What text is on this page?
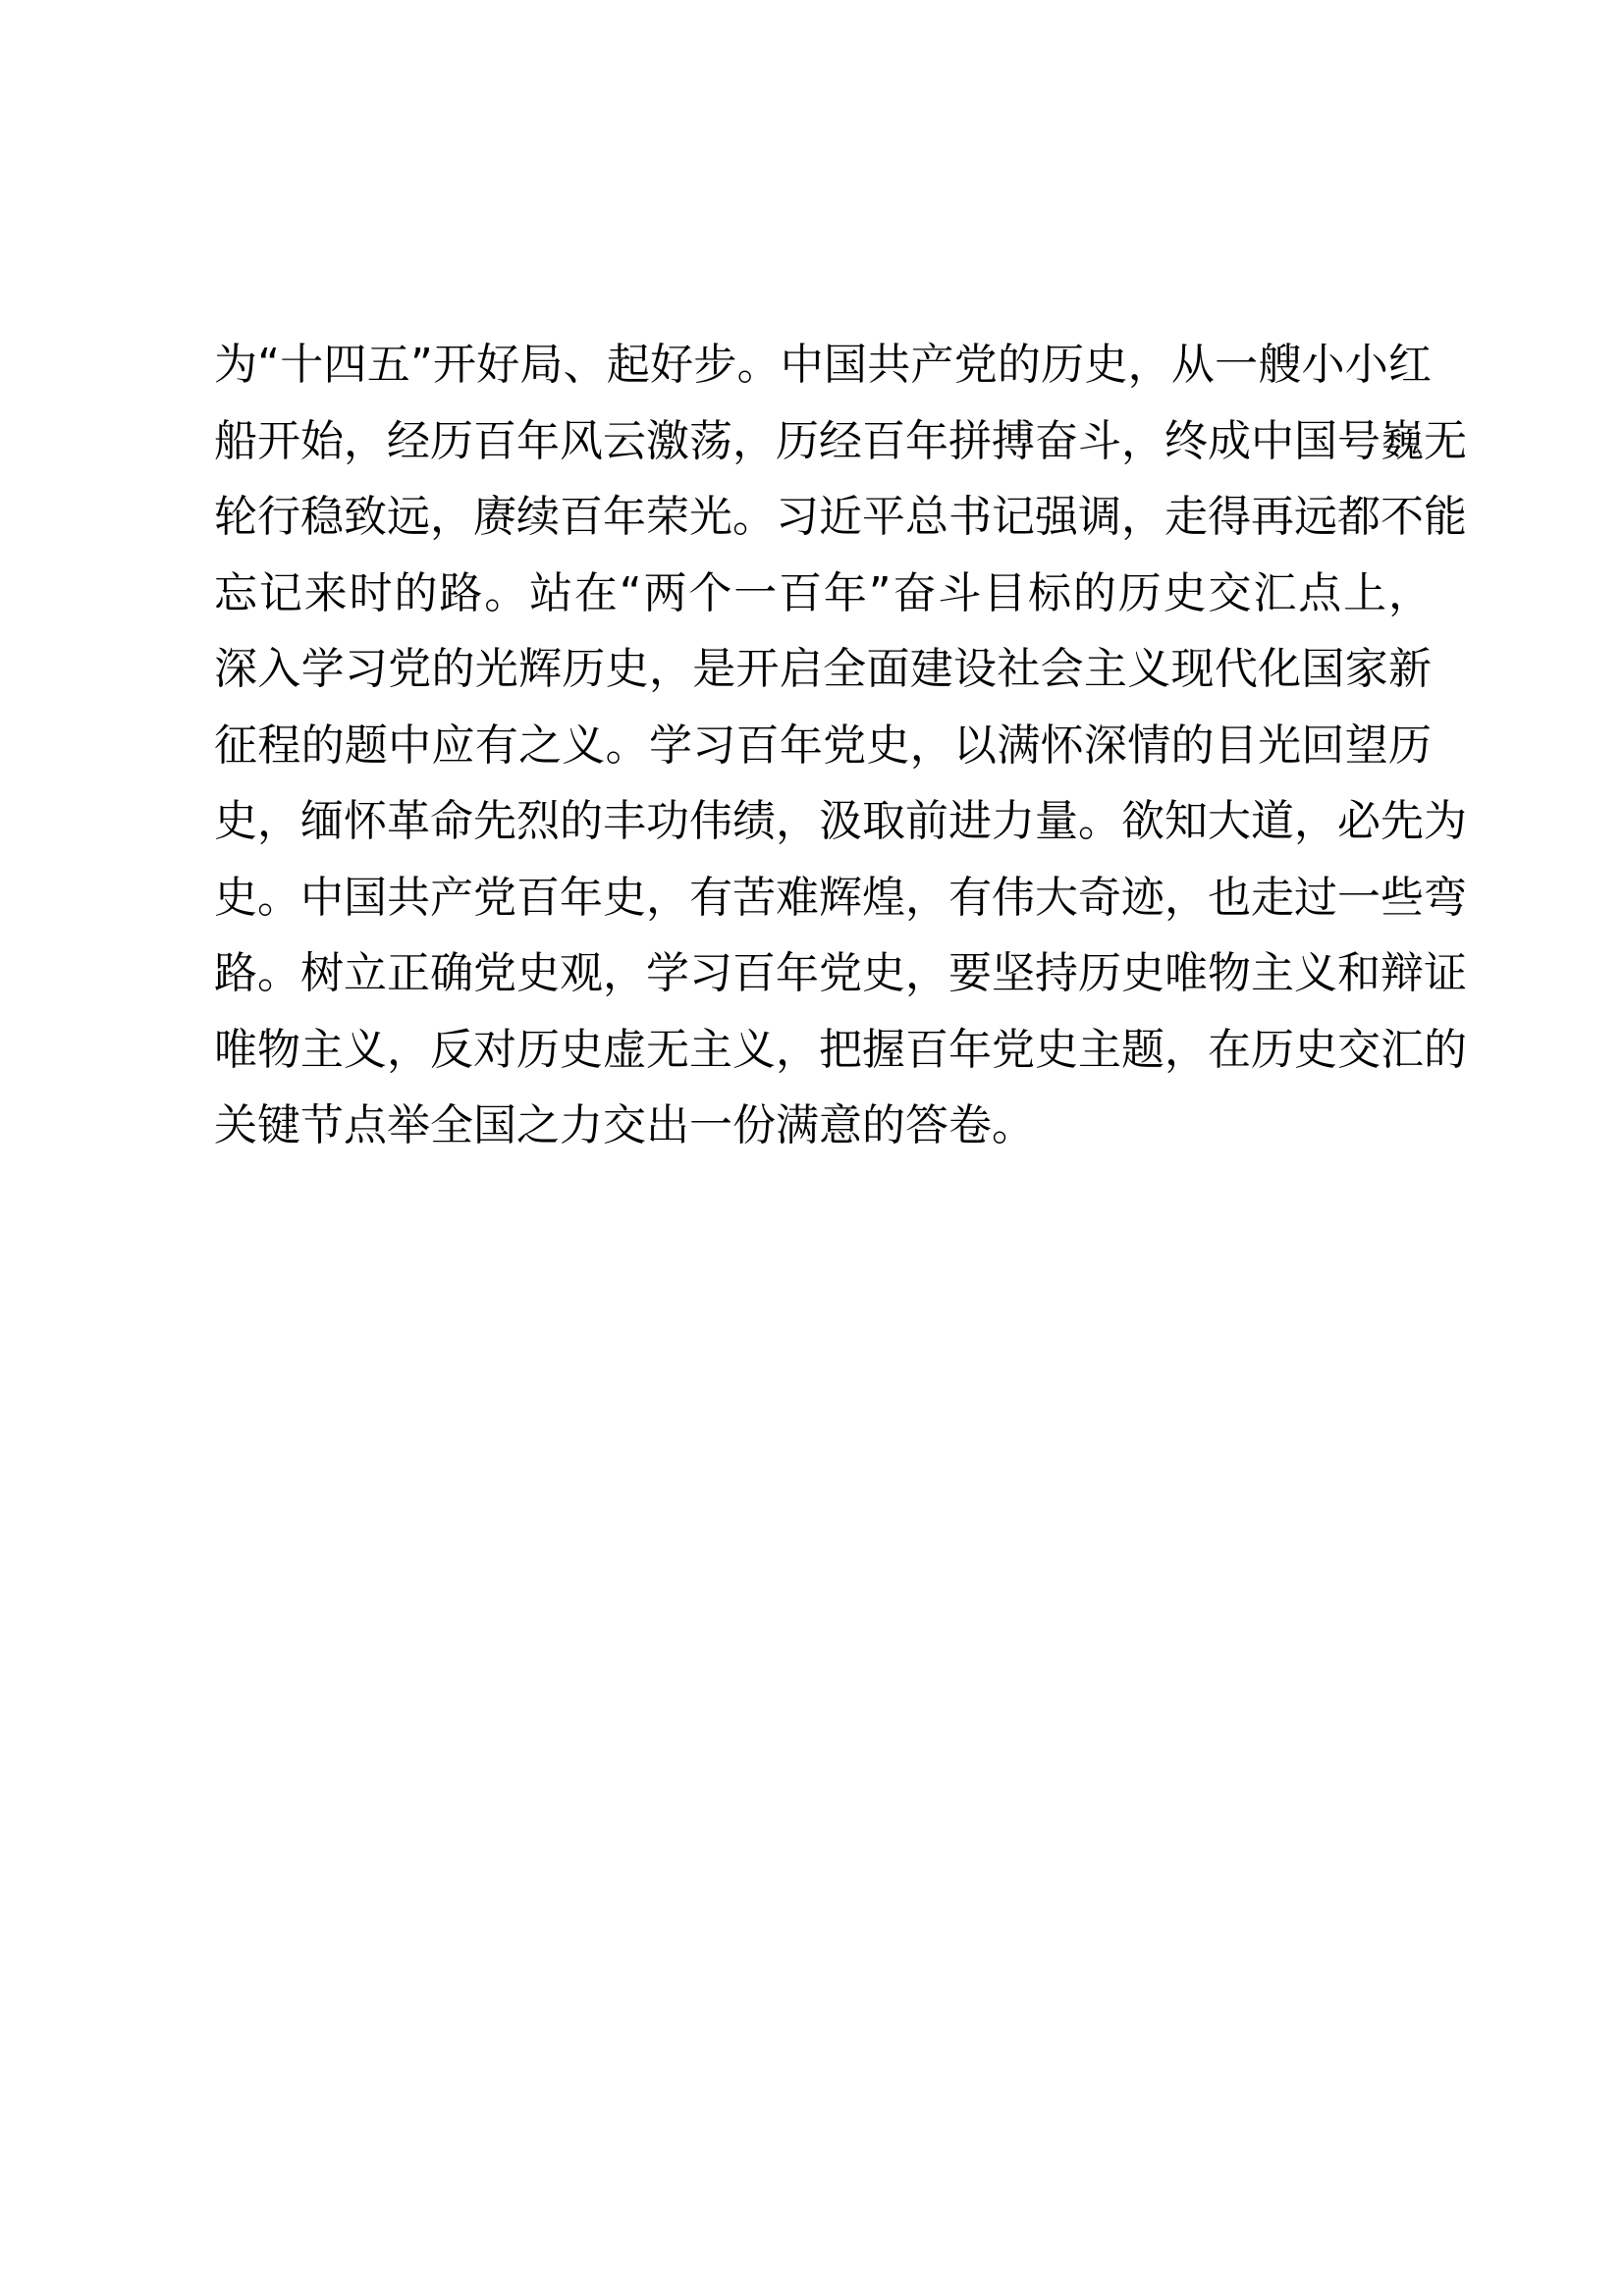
为“十四五”开好局、起好步。中国共产党的历史，从一艘小小红
船开始，经历百年风云激荡，历经百年拼搏奋斗，终成中国号巍无
轮行稳致远，赓续百年荣光。习近平总书记强调，走得再远都不能
忘记来时的路。站在“两个一百年”奋斗目标的历史交汇点上，
深入学习党的光辉历史，是开启全面建设社会主义现代化国家新
征程的题中应有之义。学习百年党史，以满怀深情的目光回望历
史，缅怀革命先烈的丰功伟绩，汲取前进力量。欲知大道，必先为
史。中国共产党百年史，有苦难辉煌，有伟大奇迹，也走过一些弯
路。树立正确党史观，学习百年党史，要坚持历史唯物主义和辩证
唯物主义，反对历史虚无主义，把握百年党史主题，在历史交汇的
关键节点举全国之力交出一份满意的答卷。
